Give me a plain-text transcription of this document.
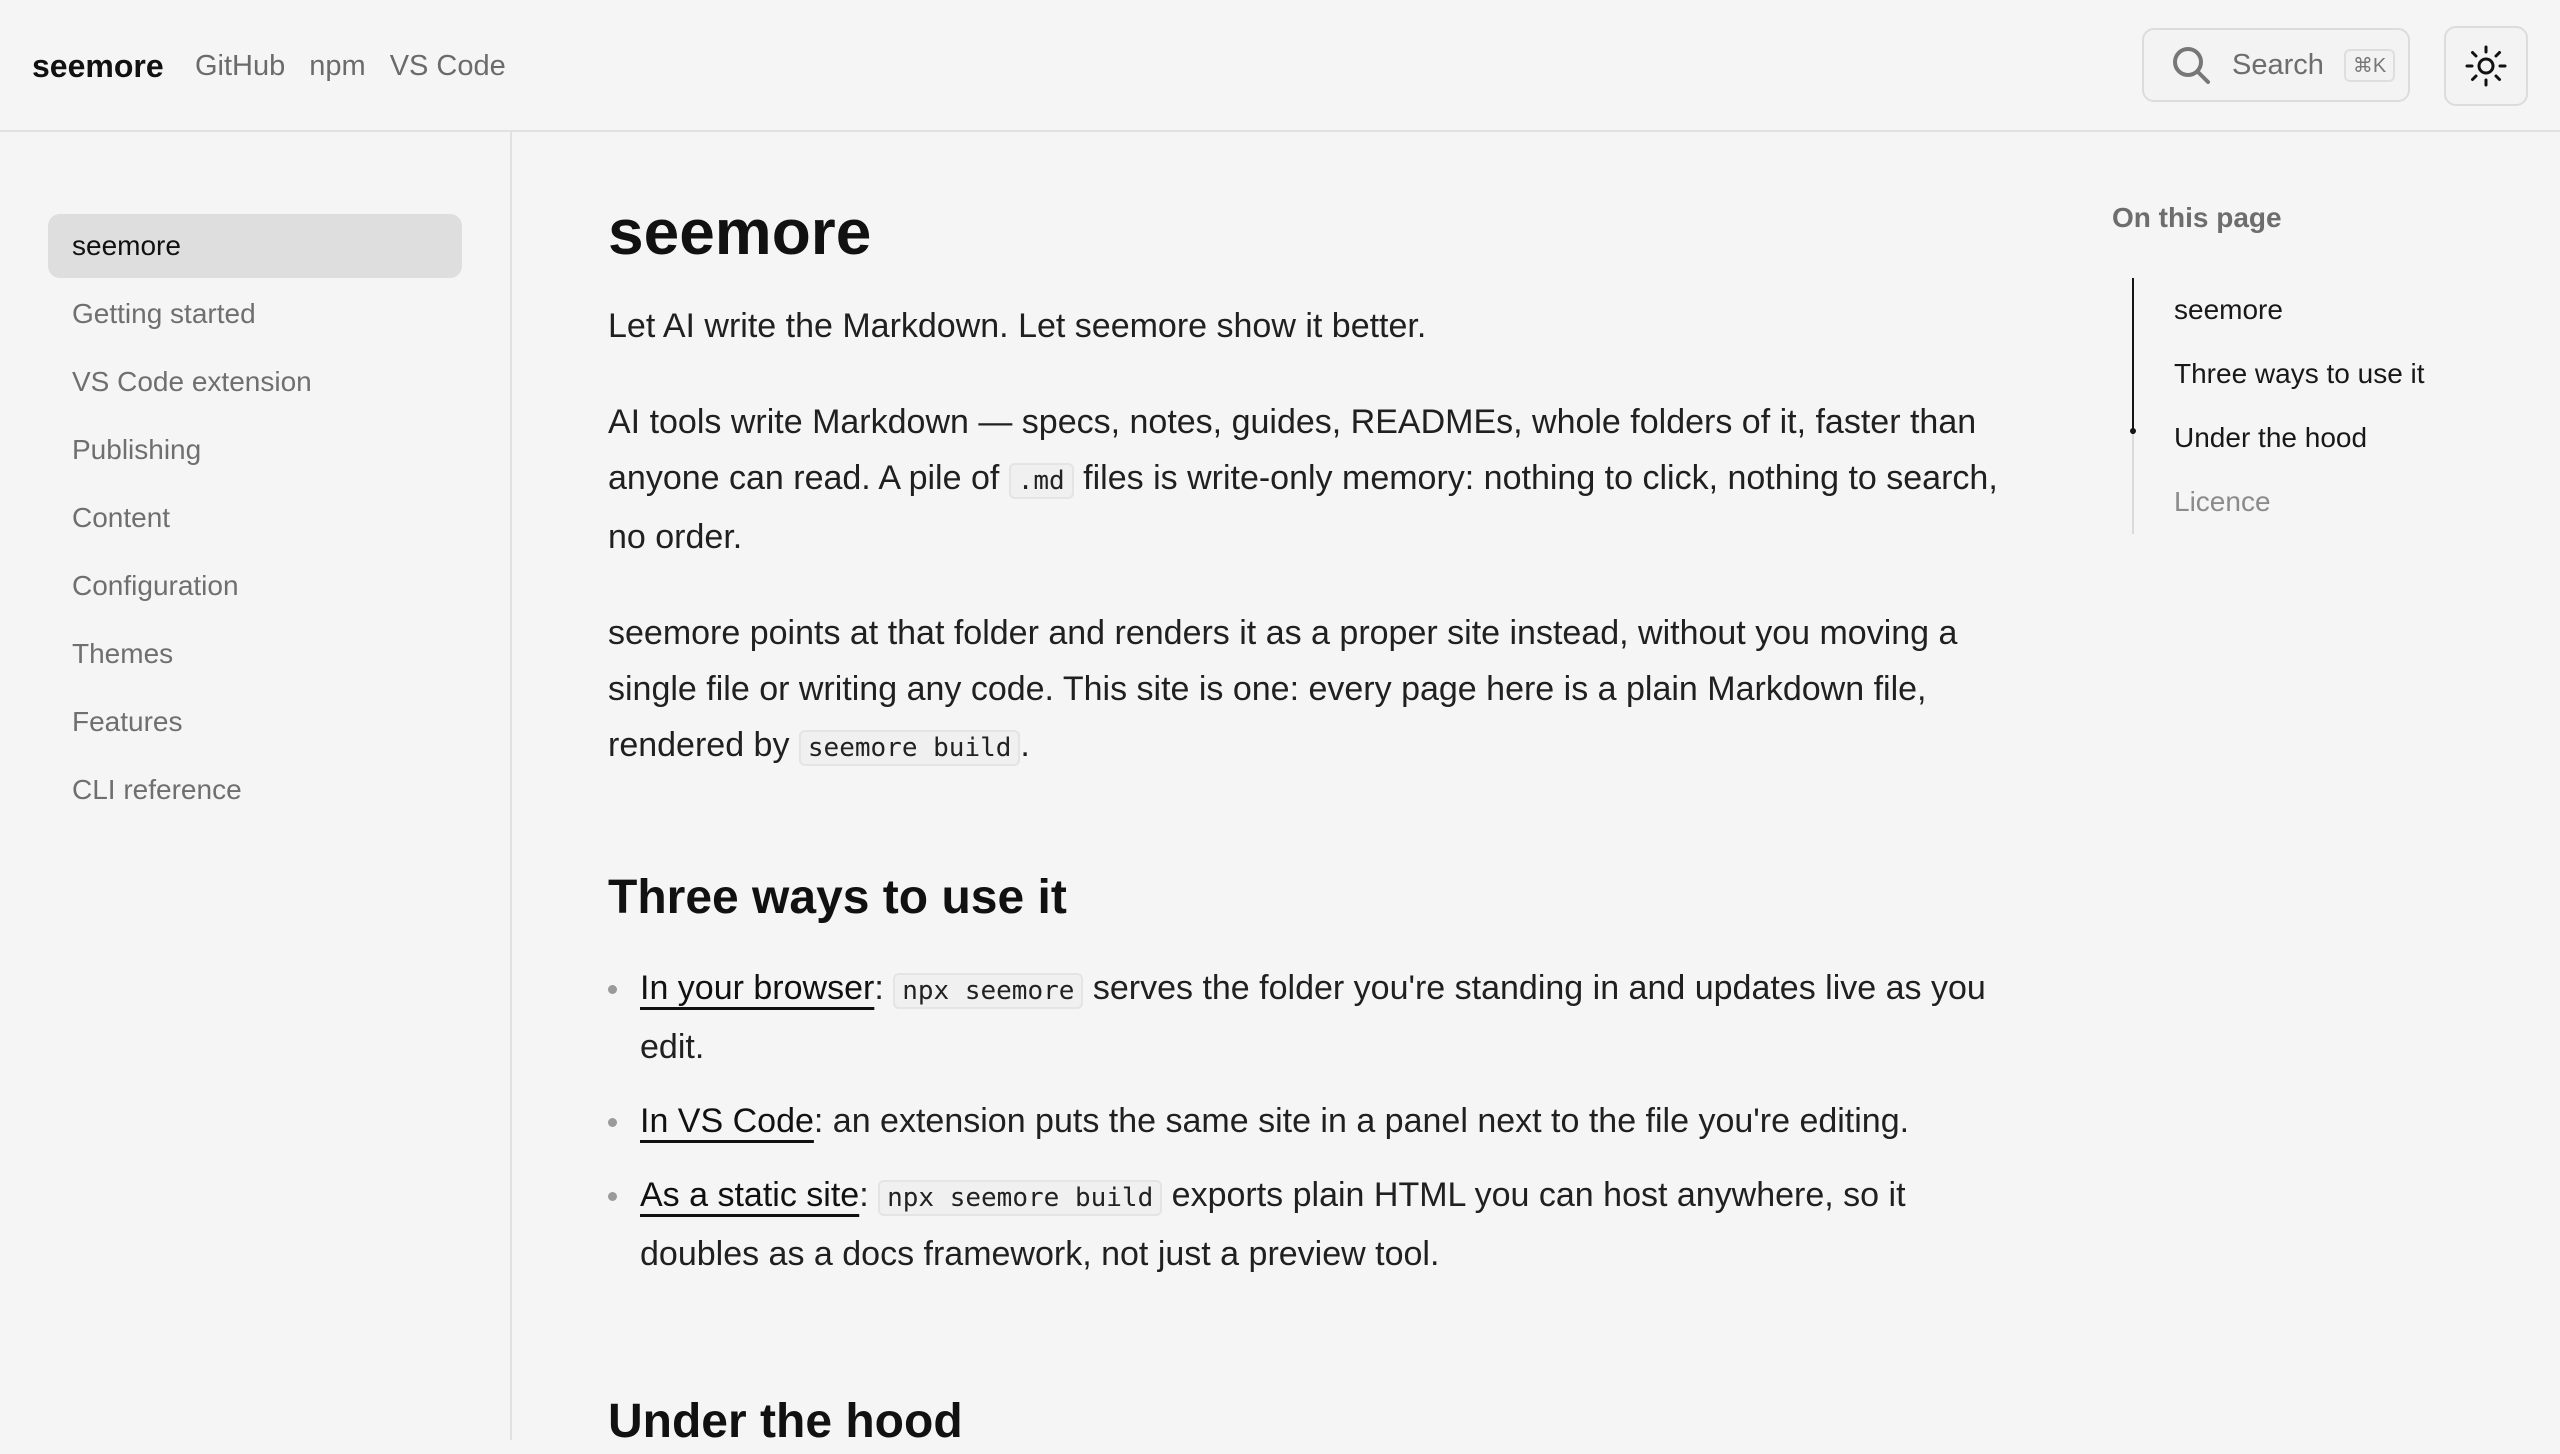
seemore GitHub npm VS Code	Search	⌘K
seemore
Getting started
VS Code extension
Publishing
Content
Configuration
Themes
Features
CLI reference
seemore

Let AI write the Markdown. Let seemore show it better.

AI tools write Markdown — specs, notes, guides, READMEs, whole folders of it, faster than anyone can read. A pile of .md files is write-only memory: nothing to click, nothing to search, no order.

seemore points at that folder and renders it as a proper site instead, without you moving a single file or writing any code. This site is one: every page here is a plain Markdown file, rendered by seemore build .

Three ways to use it
In your browser: npx seemore serves the folder you're standing in and updates live as you edit.
In VS Code: an extension puts the same site in a panel next to the file you're editing.
As a static site: npx seemore build exports plain HTML you can host anywhere, so it doubles as a docs framework, not just a preview tool.
Under the hood
On this page
seemore
Three ways to use it
Under the hood
Licence
